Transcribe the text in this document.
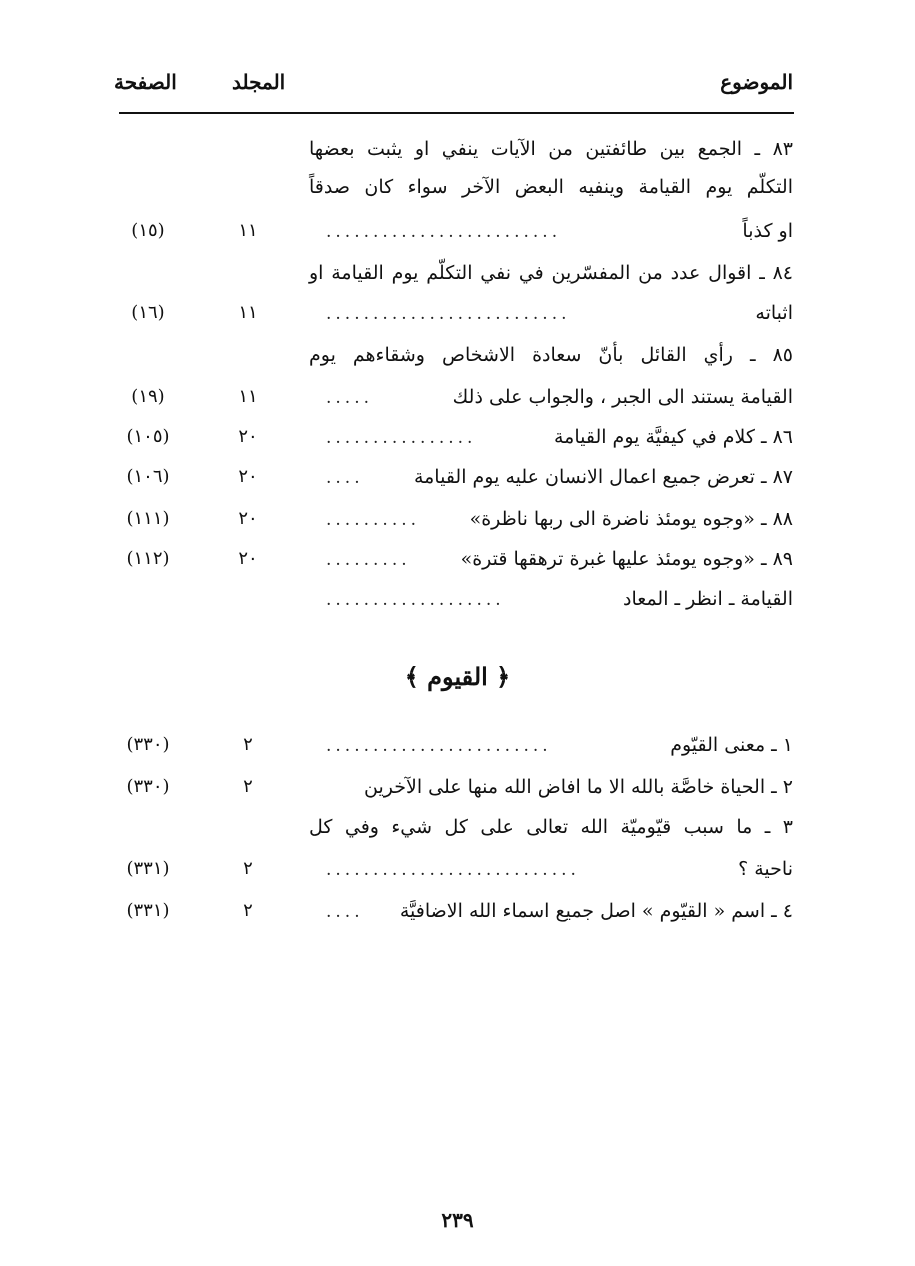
الموضوع
المجلد
الصفحة
٨٣ ـ الجمع بين طائفتين من الآيات ينفي او يثبت بعضها
التكلّم يوم القيامة وينفيه البعض الآخر سواء كان صدقاً
او كذباً
.........................
١١
(١٥)
٨٤ ـ اقوال عدد من المفسّرين في نفي التكلّم يوم القيامة او
اثباته
..........................
١١
(١٦)
٨٥ ـ رأي القائل بأنّ سعادة الاشخاص وشقاءهم يوم
القيامة يستند الى الجبر ، والجواب على ذلك
.....
١١
(١٩)
٨٦ ـ كلام في كيفيَّة يوم القيامة
................
٢٠
(١٠٥)
٨٧ ـ تعرض جميع اعمال الانسان عليه يوم القيامة
....
٢٠
(١٠٦)
٨٨ ـ «وجوه يومئذ ناضرة الى ربها ناظرة»
..........
٢٠
(١١١)
٨٩ ـ «وجوه يومئذ عليها غبرة ترهقها قترة»
.........
٢٠
(١١٢)
القيامة ـ انظر ـ المعاد
...................
﴿ القيوم ﴾
١ ـ معنى القيّوم
........................
٢
(٣٣٠)
٢ ـ الحياة خاصَّة بالله الا ما افاض الله منها على الآخرين
٢
(٣٣٠)
٣ ـ ما سبب قيّوميّة الله تعالى على كل شيء وفي كل
ناحية ؟
...........................
٢
(٣٣١)
٤ ـ اسم « القيّوم » اصل جميع اسماء الله الاضافيَّة
....
٢
(٣٣١)
٢٣٩
